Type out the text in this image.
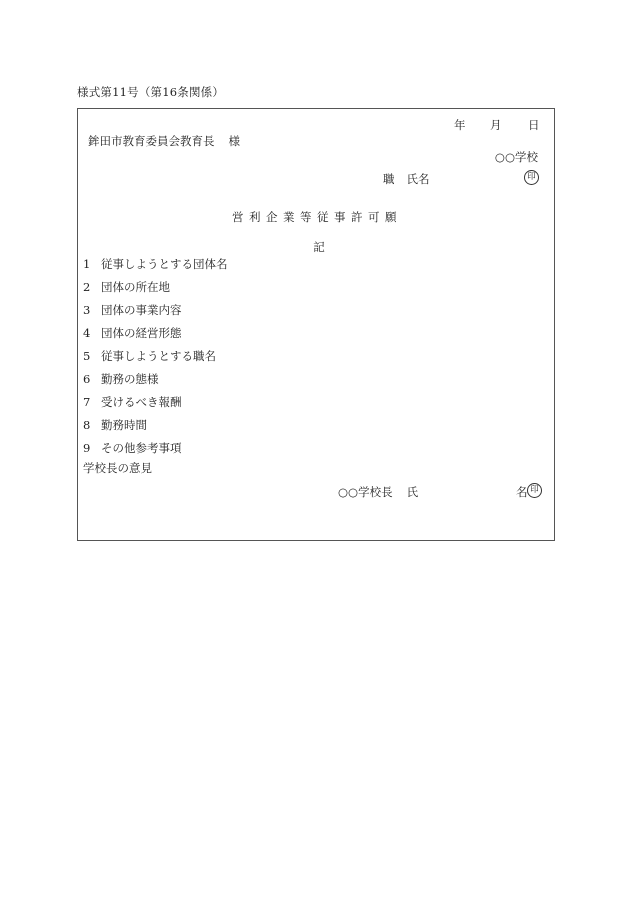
様式第11号（第16条関係）
年	月	日
鉾田市教育委員会教育長 様
○○学校
職 氏名	印
営利企業等従事許可願
記
1 従事しようとする団体名
2 団体の所在地
3 団体の事業内容
4 団体の経営形態
5 従事しようとする職名
6 勤務の態様
7 受けるべき報酬
8 勤務時間
9 その他参考事項
学校長の意見
○○学校長 氏	名 印
